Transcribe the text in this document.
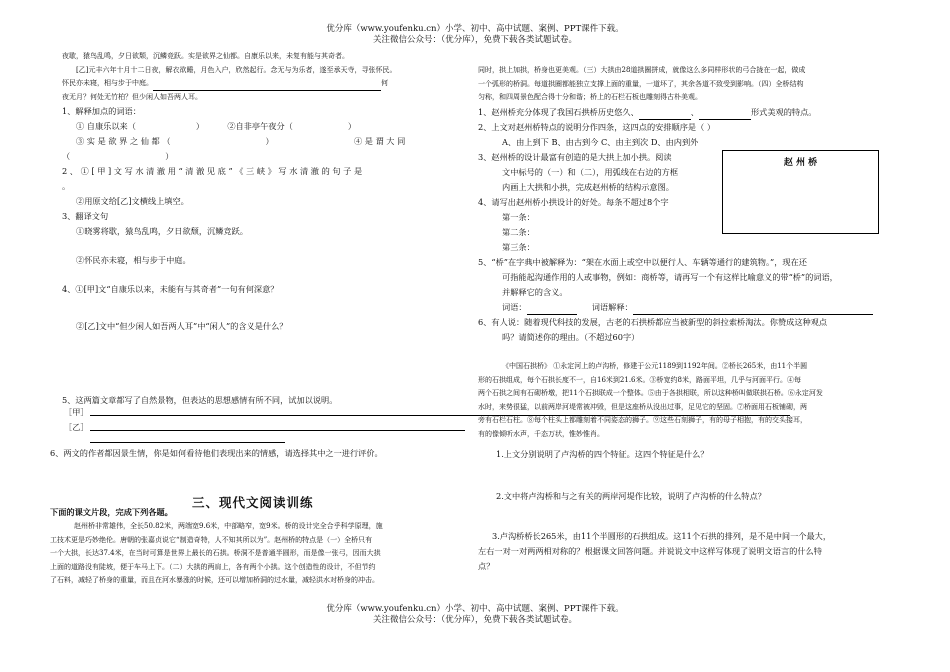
优分库（www.youfenku.cn）小学、初中、高中试题、案例、PPT课件下载。
关注微信公众号：（优分库），免费下载各类试题试卷。
夜歇，猿鸟乱鸣，夕日欲颓，沉鳞竞跃。实是欲界之仙都。自康乐以来，未复有能与其奇者。
[乙]元丰六年十月十二日夜，解衣欲睡，月色入户，欣然起行。念无与为乐者，遂至承天寺，寻张怀民。
怀民亦未寝，相与步于中庭。	何
夜无月？何处无竹柏？但少闲人如吾两人耳。
1、解释加点的词语：
① 自康乐以来（	）	②自非亭午夜分（	）
③ 实 是 欲 界 之 仙 都 （	）	④ 是 谓 大 同
（	）
2 、 ① [ 甲 ] 文 写 水 清 澈 用 “ 清 澈 见 底 ” 《 三 峡 》 写 水 清 澈 的 句 子 是
。
②用原文给[乙]文横线上填空。
3、翻译文句
①晓雾将歇，猿鸟乱鸣，夕日欲颓，沉鳞竞跃。
②怀民亦未寝，相与步于中庭。
4、①[甲]文“自康乐以来，未能有与其奇者”一句有何深意？
②[乙]文中“但少闲人如吾两人耳”中“闲人”的含义是什么？
5、这两篇文章都写了自然景物，但表达的思想感情有所不同，试加以说明。
［甲］
［乙］
6、两文的作者都因景生情，你是如何看待他们表现出来的情感，请选择其中之一进行评价。
三、现代文阅读训练
下面的课文片段，完成下列各题。
赵州桥非常雄伟，全长50.82米，两端宽9.6米，中部略窄，宽9米。桥的设计完全合乎科学原理，施
工技术更是巧妙绝伦。唐朝的张嘉贞说它“制造奇特，人不知其所以为”。赵州桥的特点是（一）全桥只有
一个大拱，长达37.4米，在当时可算是世界上最长的石拱。桥洞不是普通半圆形，而是像一张弓，因而大拱
上面的道路没有陡坡，便于车马上下。（二）大拱的两肩上，各有两个小拱。这个创造性的设计，不但节约
了石料，减轻了桥身的重量，而且在河水暴涨的时候，还可以增加桥洞的过水量，减轻洪水对桥身的冲击。
同时，拱上加拱，桥身也更美观。（三）大拱由28道拱圈拼成，就像这么多同样形状的弓合拢在一起，做成
一个弧形的桥洞。每道拱圈都能独立支撑上面的重量，一道坏了，其余各道不致受到影响。（四）全桥结构
匀称，和四周景色配合得十分和谐；桥上的石栏石板也雕刻得古朴美观。
1、赵州桥充分体现了我国石拱桥历史悠久、	、	形式美观的特点。
2、上文对赵州桥特点的说明分作四条，这四点的安排顺序是（ ）
A、由上到下 B、由古到今 C、由主到次 D、由内到外
3、赵州桥的设计最富有创造的是大拱上加小拱。阅读
文中标号的（一）和（二），用弧线在右边的方框
内画上大拱和小拱，完成赵州桥的结构示意图。
4、请写出赵州桥小拱设计的好处。每条不超过8个字
第一条：
第二条：
第三条：
5、“桥”在字典中被解释为：“架在水面上或空中以便行人、车辆等通行的建筑物。”，现在还
可指能起沟通作用的人或事物，例如：商桥等，请再写一个有这样比喻意义的带“桥”的词语，
并解释它的含义。
词语：	词语解释：
6、有人说：随着现代科技的发展，古老的石拱桥都应当被新型的斜拉索桥淘汰。你赞成这种观点
吗？请简述你的理由。（不超过60字）
赵 州 桥
《中国石拱桥》 ①永定河上的卢沟桥，修建于公元1189到1192年间。②桥长265米，由11个半圆
形的石拱组成，每个石拱长度不一，自16米到21.6米。③桥宽约8米，路面平坦，几乎与河面平行。④每
两个石拱之间有石砌桥墩，把11个石拱联成一个整体。⑤由于各拱相联，所以这种桥叫做联拱石桥。⑥永定河发
水时，来势很猛，以前两岸河堤常被冲毁，但是这座桥从没出过事，足见它的坚固。⑦桥面用石板铺砌，两
旁有石栏石柱。⑧每个柱头上都雕刻着不同姿态的狮子。⑨这些石刻狮子，有的母子相抱，有的交头接耳，
有的像倾听水声，千态万状，惟妙惟肖。
1.上文分别说明了卢沟桥的四个特征。这四个特征是什么？
2.文中将卢沟桥和与之有关的两岸河堤作比较，说明了卢沟桥的什么特点？
3.卢沟桥桥长265米，由11个半圆形的石拱组成。这11个石拱的排列，是不是中间一个最大，
左右一对一对两两相对称的？根据课文回答问题。并说说文中这样写体现了说明文语言的什么特
点？
优分库（www.youfenku.cn）小学、初中、高中试题、案例、PPT课件下载。
关注微信公众号：（优分库），免费下载各类试题试卷。
